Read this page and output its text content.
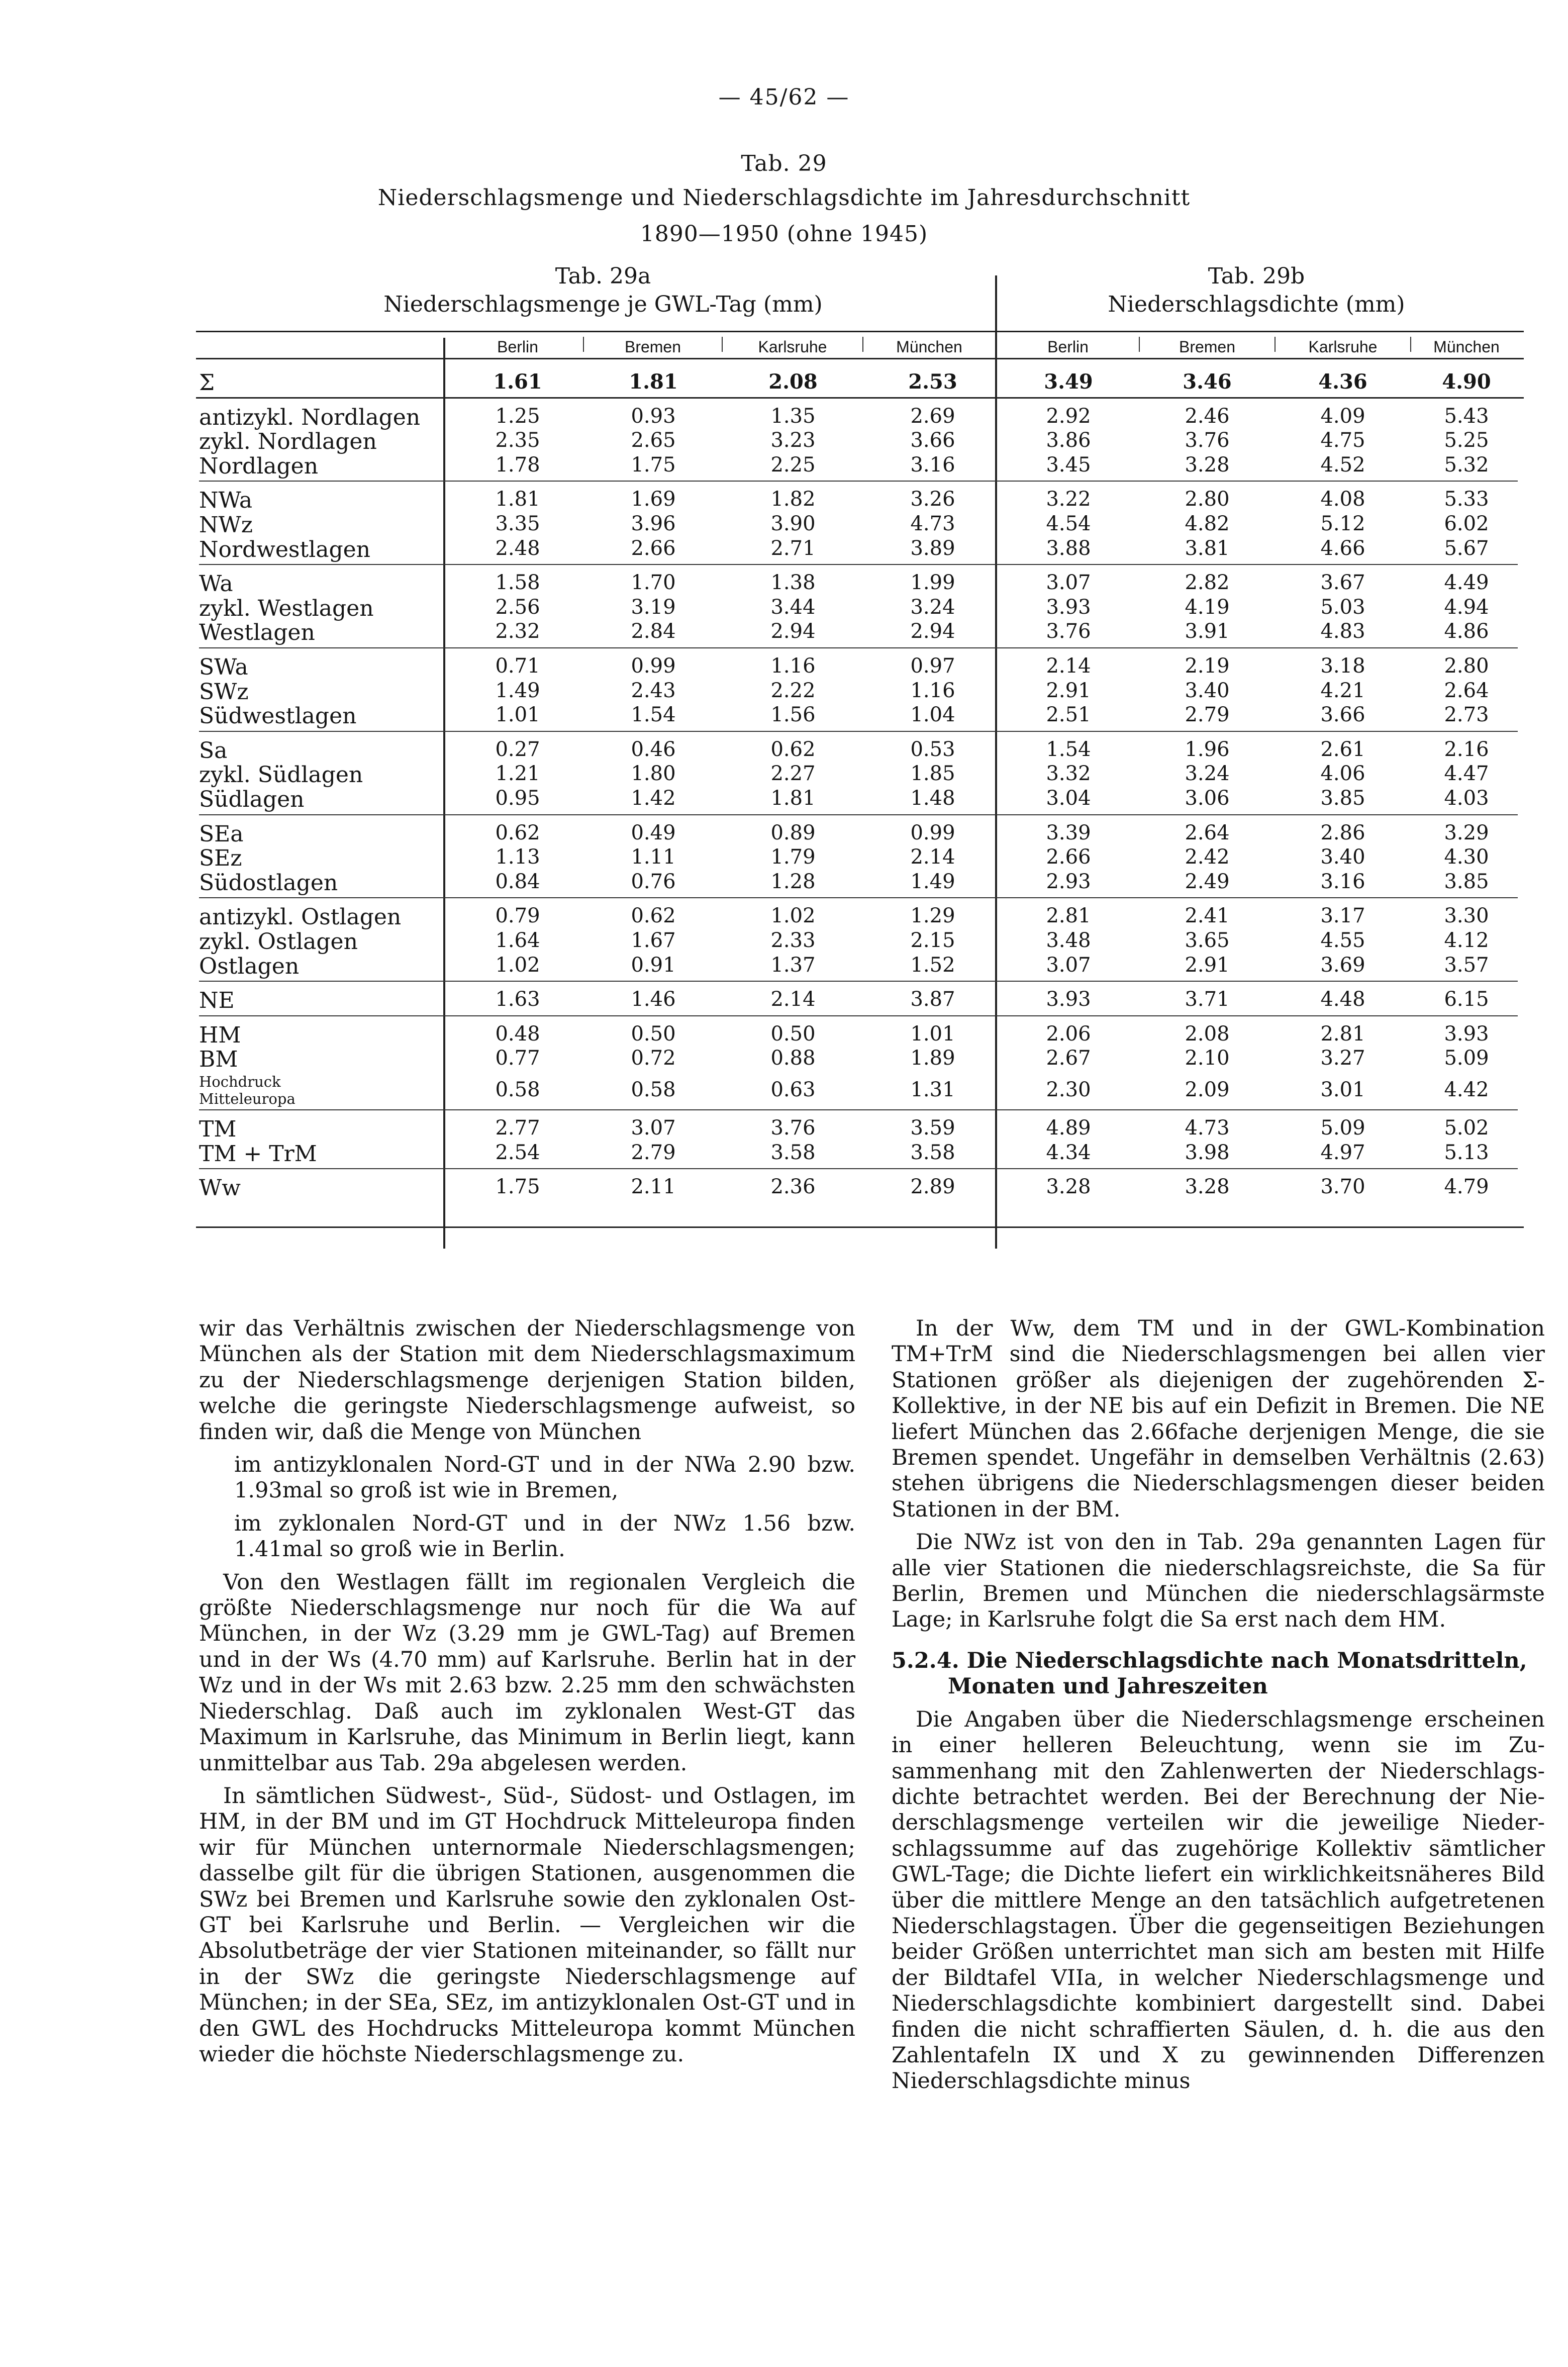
— 45/62 —
Tab. 29
Niederschlagsmenge und Niederschlagsdichte im Jahresdurchschnitt
1890—1950 (ohne 1945)
Tab. 29a
Niederschlagsmenge je GWL-Tag (mm)
Tab. 29b
Niederschlagsdichte (mm)
Berlin	Bremen	Karlsruhe	München	Berlin	Bremen	Karlsruhe	München
Σ	1.61	1.81	2.08	2.53	3.49	3.46	4.36	4.90
antizykl. Nordlagen	1.25	0.93	1.35	2.69	2.92	2.46	4.09	5.43
zykl. Nordlagen	2.35	2.65	3.23	3.66	3.86	3.76	4.75	5.25
Nordlagen	1.78	1.75	2.25	3.16	3.45	3.28	4.52	5.32
NWa	1.81	1.69	1.82	3.26	3.22	2.80	4.08	5.33
NWz	3.35	3.96	3.90	4.73	4.54	4.82	5.12	6.02
Nordwestlagen	2.48	2.66	2.71	3.89	3.88	3.81	4.66	5.67
Wa	1.58	1.70	1.38	1.99	3.07	2.82	3.67	4.49
zykl. Westlagen	2.56	3.19	3.44	3.24	3.93	4.19	5.03	4.94
Westlagen	2.32	2.84	2.94	2.94	3.76	3.91	4.83	4.86
SWa	0.71	0.99	1.16	0.97	2.14	2.19	3.18	2.80
SWz	1.49	2.43	2.22	1.16	2.91	3.40	4.21	2.64
Südwestlagen	1.01	1.54	1.56	1.04	2.51	2.79	3.66	2.73
Sa	0.27	0.46	0.62	0.53	1.54	1.96	2.61	2.16
zykl. Südlagen	1.21	1.80	2.27	1.85	3.32	3.24	4.06	4.47
Südlagen	0.95	1.42	1.81	1.48	3.04	3.06	3.85	4.03
SEa	0.62	0.49	0.89	0.99	3.39	2.64	2.86	3.29
SEz	1.13	1.11	1.79	2.14	2.66	2.42	3.40	4.30
Südostlagen	0.84	0.76	1.28	1.49	2.93	2.49	3.16	3.85
antizykl. Ostlagen	0.79	0.62	1.02	1.29	2.81	2.41	3.17	3.30
zykl. Ostlagen	1.64	1.67	2.33	2.15	3.48	3.65	4.55	4.12
Ostlagen	1.02	0.91	1.37	1.52	3.07	2.91	3.69	3.57
NE	1.63	1.46	2.14	3.87	3.93	3.71	4.48	6.15
HM	0.48	0.50	0.50	1.01	2.06	2.08	2.81	3.93
BM	0.77	0.72	0.88	1.89	2.67	2.10	3.27	5.09
Hochdruck
Mitteleuropa	0.58	0.58	0.63	1.31	2.30	2.09	3.01	4.42
TM	2.77	3.07	3.76	3.59	4.89	4.73	5.09	5.02
TM + TrM	2.54	2.79	3.58	3.58	4.34	3.98	4.97	5.13
Ww	1.75	2.11	2.36	2.89	3.28	3.28	3.70	4.79

wir das Verhältnis zwischen der Niederschlagsmenge von München als der Station mit dem Niederschlagsmaximum zu der Niederschlagsmenge derjenigen Station bilden, welche die geringste Niederschlagsmenge aufweist, so finden wir, daß die Menge von München

im antizyklonalen Nord-GT und in der NWa 2.90 bzw. 1.93mal so groß ist wie in Bremen,

im zyklonalen Nord-GT und in der NWz 1.56 bzw. 1.41mal so groß wie in Berlin.

Von den Westlagen fällt im regionalen Vergleich die größte Niederschlagsmenge nur noch für die Wa auf München, in der Wz (3.29 mm je GWL-Tag) auf Bremen und in der Ws (4.70 mm) auf Karlsruhe. Berlin hat in der Wz und in der Ws mit 2.63 bzw. 2.25 mm den schwächsten Niederschlag. Daß auch im zyklonalen West-GT das Maximum in Karlsruhe, das Minimum in Berlin liegt, kann unmittelbar aus Tab. 29a abgelesen werden.

In sämtlichen Südwest-, Süd-, Südost- und Ostlagen, im HM, in der BM und im GT Hochdruck Mitteleuropa finden wir für München unternormale Niederschlagsmengen; dasselbe gilt für die übrigen Stationen, ausgenommen die SWz bei Bremen und Karlsruhe sowie den zyklonalen Ost-GT bei Karlsruhe und Berlin. — Vergleichen wir die Absolutbeträge der vier Stationen miteinander, so fällt nur in der SWz die geringste Niederschlagsmenge auf München; in der SEa, SEz, im antizyklonalen Ost-GT und in den GWL des Hochdrucks Mitteleuropa kommt München wieder die höchste Niederschlagsmenge zu.

In der Ww, dem TM und in der GWL-Kombination TM+TrM sind die Niederschlagsmengen bei allen vier Stationen größer als diejenigen der zugehörenden Σ-Kollektive, in der NE bis auf ein Defizit in Bremen. Die NE liefert München das 2.66fache derjenigen Menge, die sie Bremen spendet. Ungefähr in demselben Verhältnis (2.63) stehen übrigens die Niederschlagsmengen dieser beiden Stationen in der BM.

Die NWz ist von den in Tab. 29a genannten Lagen für alle vier Stationen die niederschlagsreichste, die Sa für Berlin, Bremen und München die niederschlagsärmste Lage; in Karlsruhe folgt die Sa erst nach dem HM.

5.2.4. Die Niederschlagsdichte nach Monatsdritteln,
Monaten und Jahreszeiten

Die Angaben über die Niederschlagsmenge erscheinen in einer helleren Beleuchtung, wenn sie im Zusammenhang mit den Zahlenwerten der Niederschlagsdichte betrachtet werden. Bei der Berechnung der Niederschlagsmenge verteilen wir die jeweilige Niederschlagssumme auf das zugehörige Kollektiv sämtlicher GWL-Tage; die Dichte liefert ein wirklichkeitsnäheres Bild über die mittlere Menge an den tatsächlich aufgetretenen Niederschlagstagen. Über die gegenseitigen Beziehungen beider Größen unterrichtet man sich am besten mit Hilfe der Bildtafel VIIa, in welcher Niederschlagsmenge und Niederschlagsdichte kombiniert dargestellt sind. Dabei finden die nicht schraffierten Säulen, d. h. die aus den Zahlentafeln IX und X zu gewinnenden Differenzen Niederschlagsdichte minus
